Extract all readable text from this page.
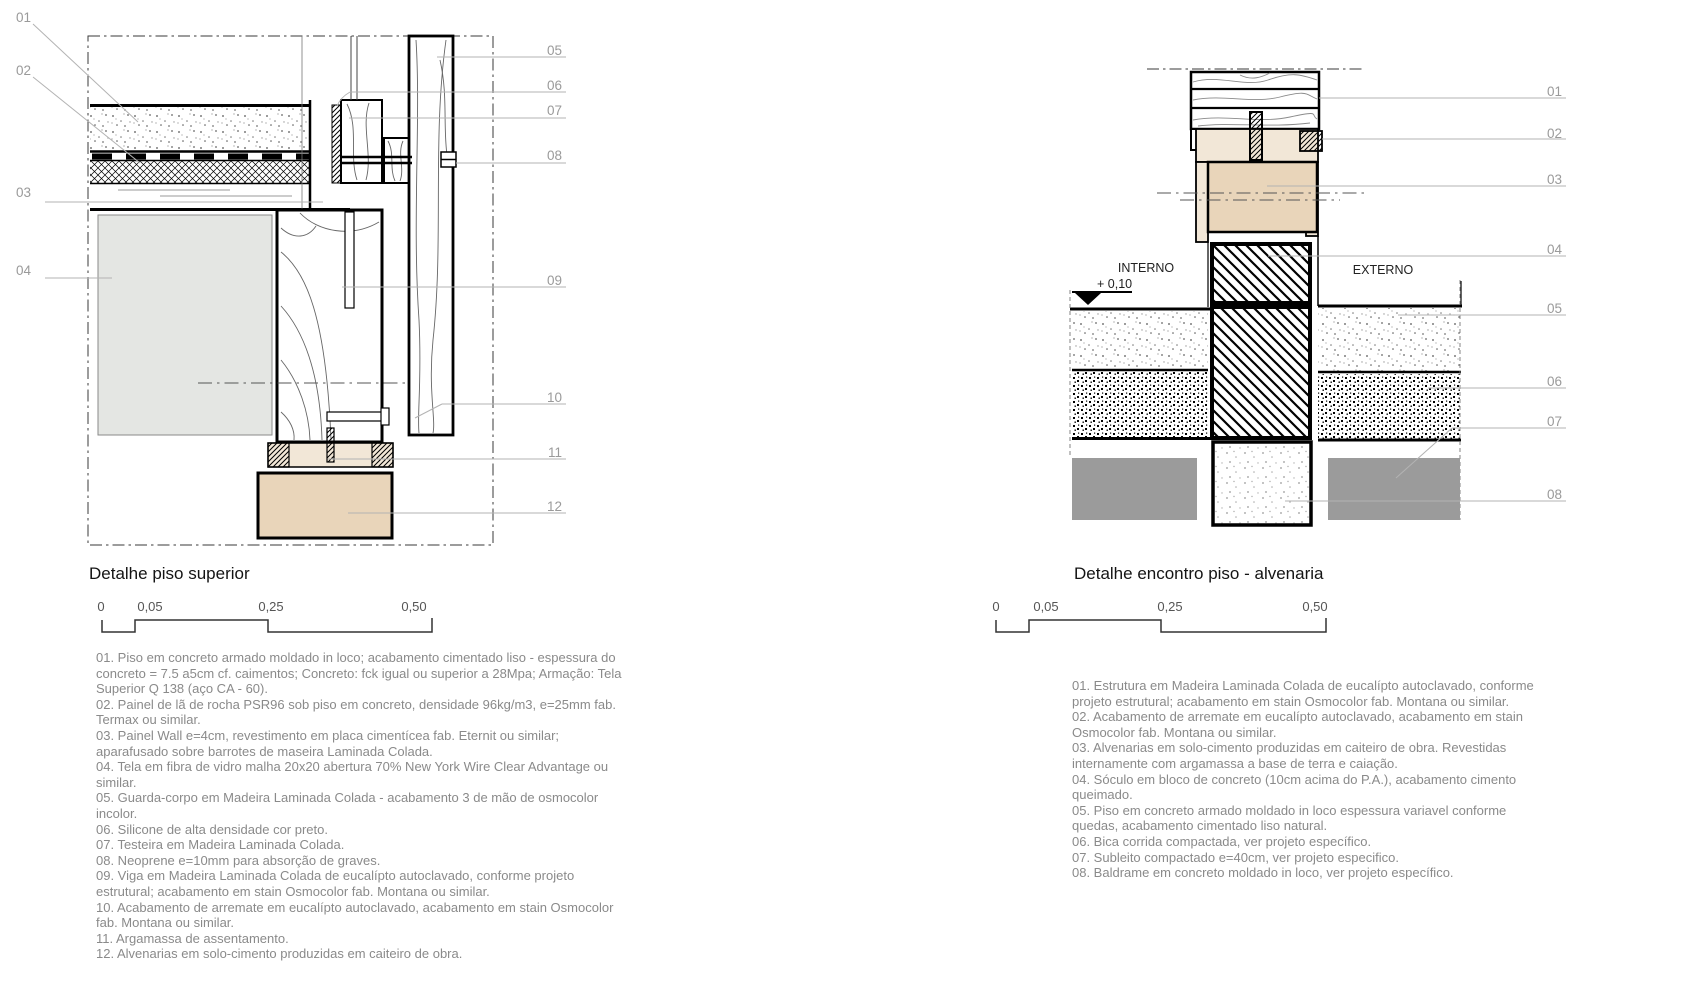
01
02
03
04
05
06
07
08
09
10
11
12
0	0,05	0,25	0,50
INTERNO	EXTERNO
+ 0,10
01
02
03
04
05
06
07
08
0	0,05	0,25	0,50
Detalhe piso superior	Detalhe encontro piso - alvenaria
01. Piso em concreto armado moldado in loco; acabamento cimentado liso - espessura do concreto = 7.5 a5cm cf. caimentos; Concreto: fck igual ou superior a 28Mpa; Armação: Tela Superior Q 138 (aço CA - 60).
02. Painel de lã de rocha PSR96 sob piso em concreto, densidade 96kg/m3, e=25mm fab. Termax ou similar.
03. Painel Wall e=4cm, revestimento em placa cimentícea fab. Eternit ou similar; aparafusado sobre barrotes de maseira Laminada Colada.
04. Tela em fibra de vidro malha 20x20 abertura 70% New York Wire Clear Advantage ou similar.
05. Guarda-corpo em Madeira Laminada Colada - acabamento 3 de mão de osmocolor incolor.
06. Silicone de alta densidade cor preto.
07. Testeira em Madeira Laminada Colada.
08. Neoprene e=10mm para absorção de graves.
09. Viga em Madeira Laminada Colada de eucalípto autoclavado, conforme projeto estrutural; acabamento em stain Osmocolor fab. Montana ou similar.
10. Acabamento de arremate em eucalípto autoclavado, acabamento em stain Osmocolor fab. Montana ou similar.
11. Argamassa de assentamento.
12. Alvenarias em solo-cimento produzidas em caiteiro de obra.
01. Estrutura em Madeira Laminada Colada de eucalípto autoclavado, conforme projeto estrutural; acabamento em stain Osmocolor fab. Montana ou similar.
02. Acabamento de arremate em eucalípto autoclavado, acabamento em stain Osmocolor fab. Montana ou similar.
03. Alvenarias em solo-cimento produzidas em caiteiro de obra. Revestidas internamente com argamassa a base de terra e caiação.
04. Sóculo em bloco de concreto (10cm acima do P.A.), acabamento cimento queimado.
05. Piso em concreto armado moldado in loco espessura variavel conforme quedas, acabamento cimentado liso natural.
06. Bica corrida compactada, ver projeto específico.
07. Subleito compactado e=40cm, ver projeto especifico.
08. Baldrame em concreto moldado in loco, ver projeto específico.
